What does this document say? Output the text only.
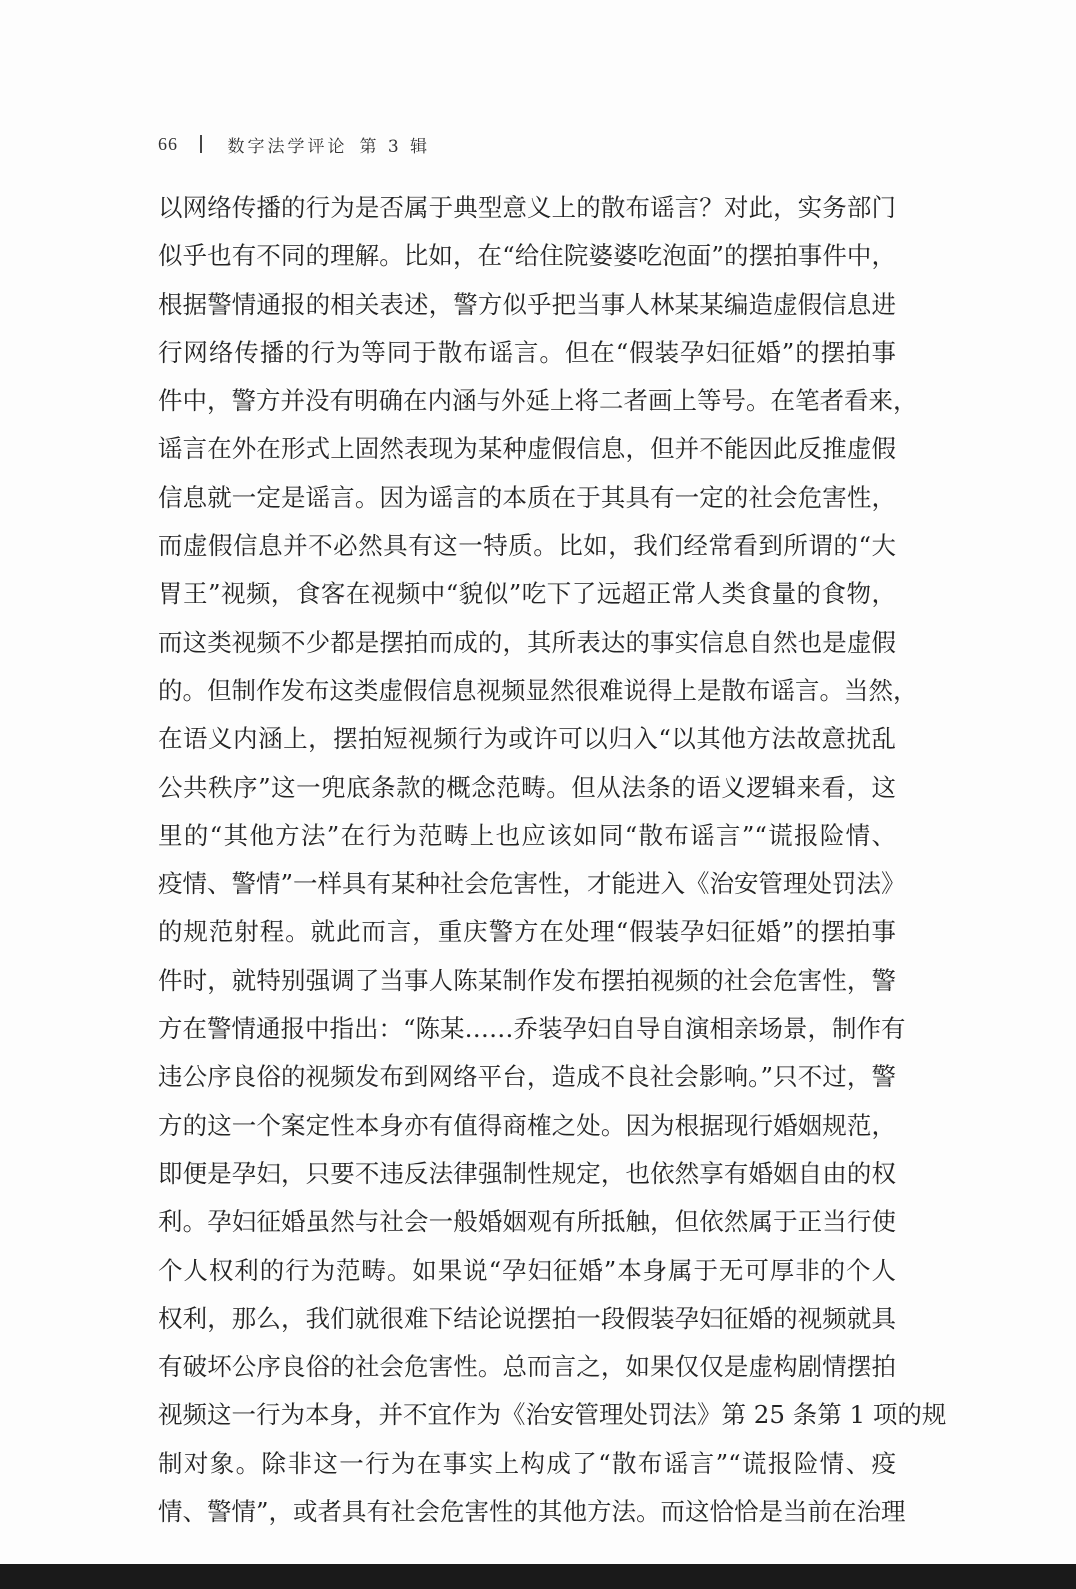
66	数字法学评论 第 3 辑
以网络传播的行为是否属于典型意义上的散布谣言？对此，实务部门
似乎也有不同的理解。比如，在“给住院婆婆吃泡面”的摆拍事件中，
根据警情通报的相关表述，警方似乎把当事人林某某编造虚假信息进
行网络传播的行为等同于散布谣言。但在“假装孕妇征婚”的摆拍事
件中，警方并没有明确在内涵与外延上将二者画上等号。在笔者看来，
谣言在外在形式上固然表现为某种虚假信息，但并不能因此反推虚假
信息就一定是谣言。因为谣言的本质在于其具有一定的社会危害性，
而虚假信息并不必然具有这一特质。比如，我们经常看到所谓的“大
胃王”视频，食客在视频中“貌似”吃下了远超正常人类食量的食物，
而这类视频不少都是摆拍而成的，其所表达的事实信息自然也是虚假
的。但制作发布这类虚假信息视频显然很难说得上是散布谣言。当然，
在语义内涵上，摆拍短视频行为或许可以归入“以其他方法故意扰乱
公共秩序”这一兜底条款的概念范畴。但从法条的语义逻辑来看，这
里的“其他方法”在行为范畴上也应该如同“散布谣言”“谎报险情、
疫情、警情”一样具有某种社会危害性，才能进入《治安管理处罚法》
的规范射程。就此而言，重庆警方在处理“假装孕妇征婚”的摆拍事
件时，就特别强调了当事人陈某制作发布摆拍视频的社会危害性，警
方在警情通报中指出：“陈某……乔装孕妇自导自演相亲场景，制作有
违公序良俗的视频发布到网络平台，造成不良社会影响。”只不过，警
方的这一个案定性本身亦有值得商榷之处。因为根据现行婚姻规范，
即便是孕妇，只要不违反法律强制性规定，也依然享有婚姻自由的权
利。孕妇征婚虽然与社会一般婚姻观有所抵触，但依然属于正当行使
个人权利的行为范畴。如果说“孕妇征婚”本身属于无可厚非的个人
权利，那么，我们就很难下结论说摆拍一段假装孕妇征婚的视频就具
有破坏公序良俗的社会危害性。总而言之，如果仅仅是虚构剧情摆拍
视频这一行为本身，并不宜作为《治安管理处罚法》第 25 条第 1 项的规
制对象。除非这一行为在事实上构成了“散布谣言”“谎报险情、疫
情、警情”，或者具有社会危害性的其他方法。而这恰恰是当前在治理
